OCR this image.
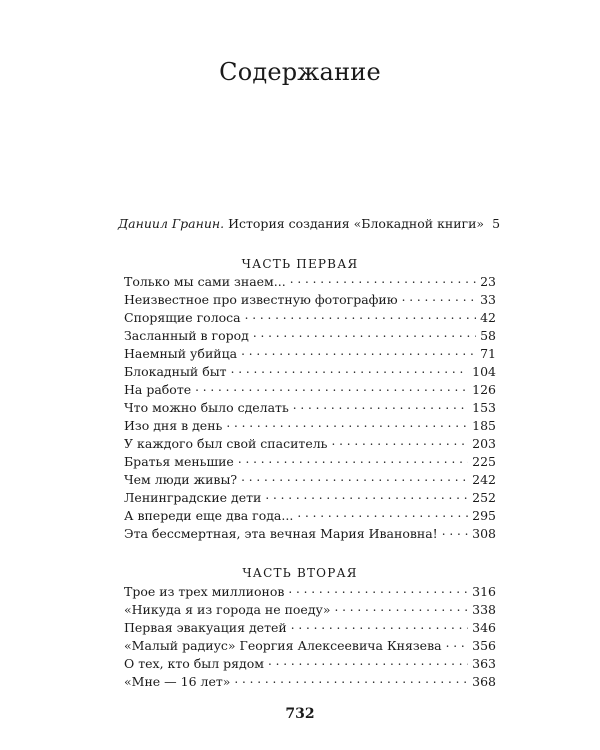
Содержание
Даниил Гранин. История создания «Блокадной книги» 5
ЧАСТЬ ПЕРВАЯ
Только мы сами знаем... . . .	23
Неизвестное про известную фотографию . . .	33
Спорящие голоса . . .	42
Засланный в город . . .	58
Наемный убийца . . .	71
Блокадный быт . . .	104
На работе . . .	126
Что можно было сделать . . .	153
Изо дня в день . . .	185
У каждого был свой спаситель . . .	203
Братья меньшие . . .	225
Чем люди живы? . . .	242
Ленинградские дети . . .	252
А впереди еще два года... . . .	295
Эта бессмертная, эта вечная Мария Ивановна! . . .	308
ЧАСТЬ ВТОРАЯ
Трое из трех миллионов . . .	316
«Никуда я из города не поеду» . . .	338
Первая эвакуация детей . . .	346
«Малый радиус» Георгия Алексеевича Князева . . . 356
О тех, кто был рядом . . .	363
«Мне — 16 лет» . . .	368
732
